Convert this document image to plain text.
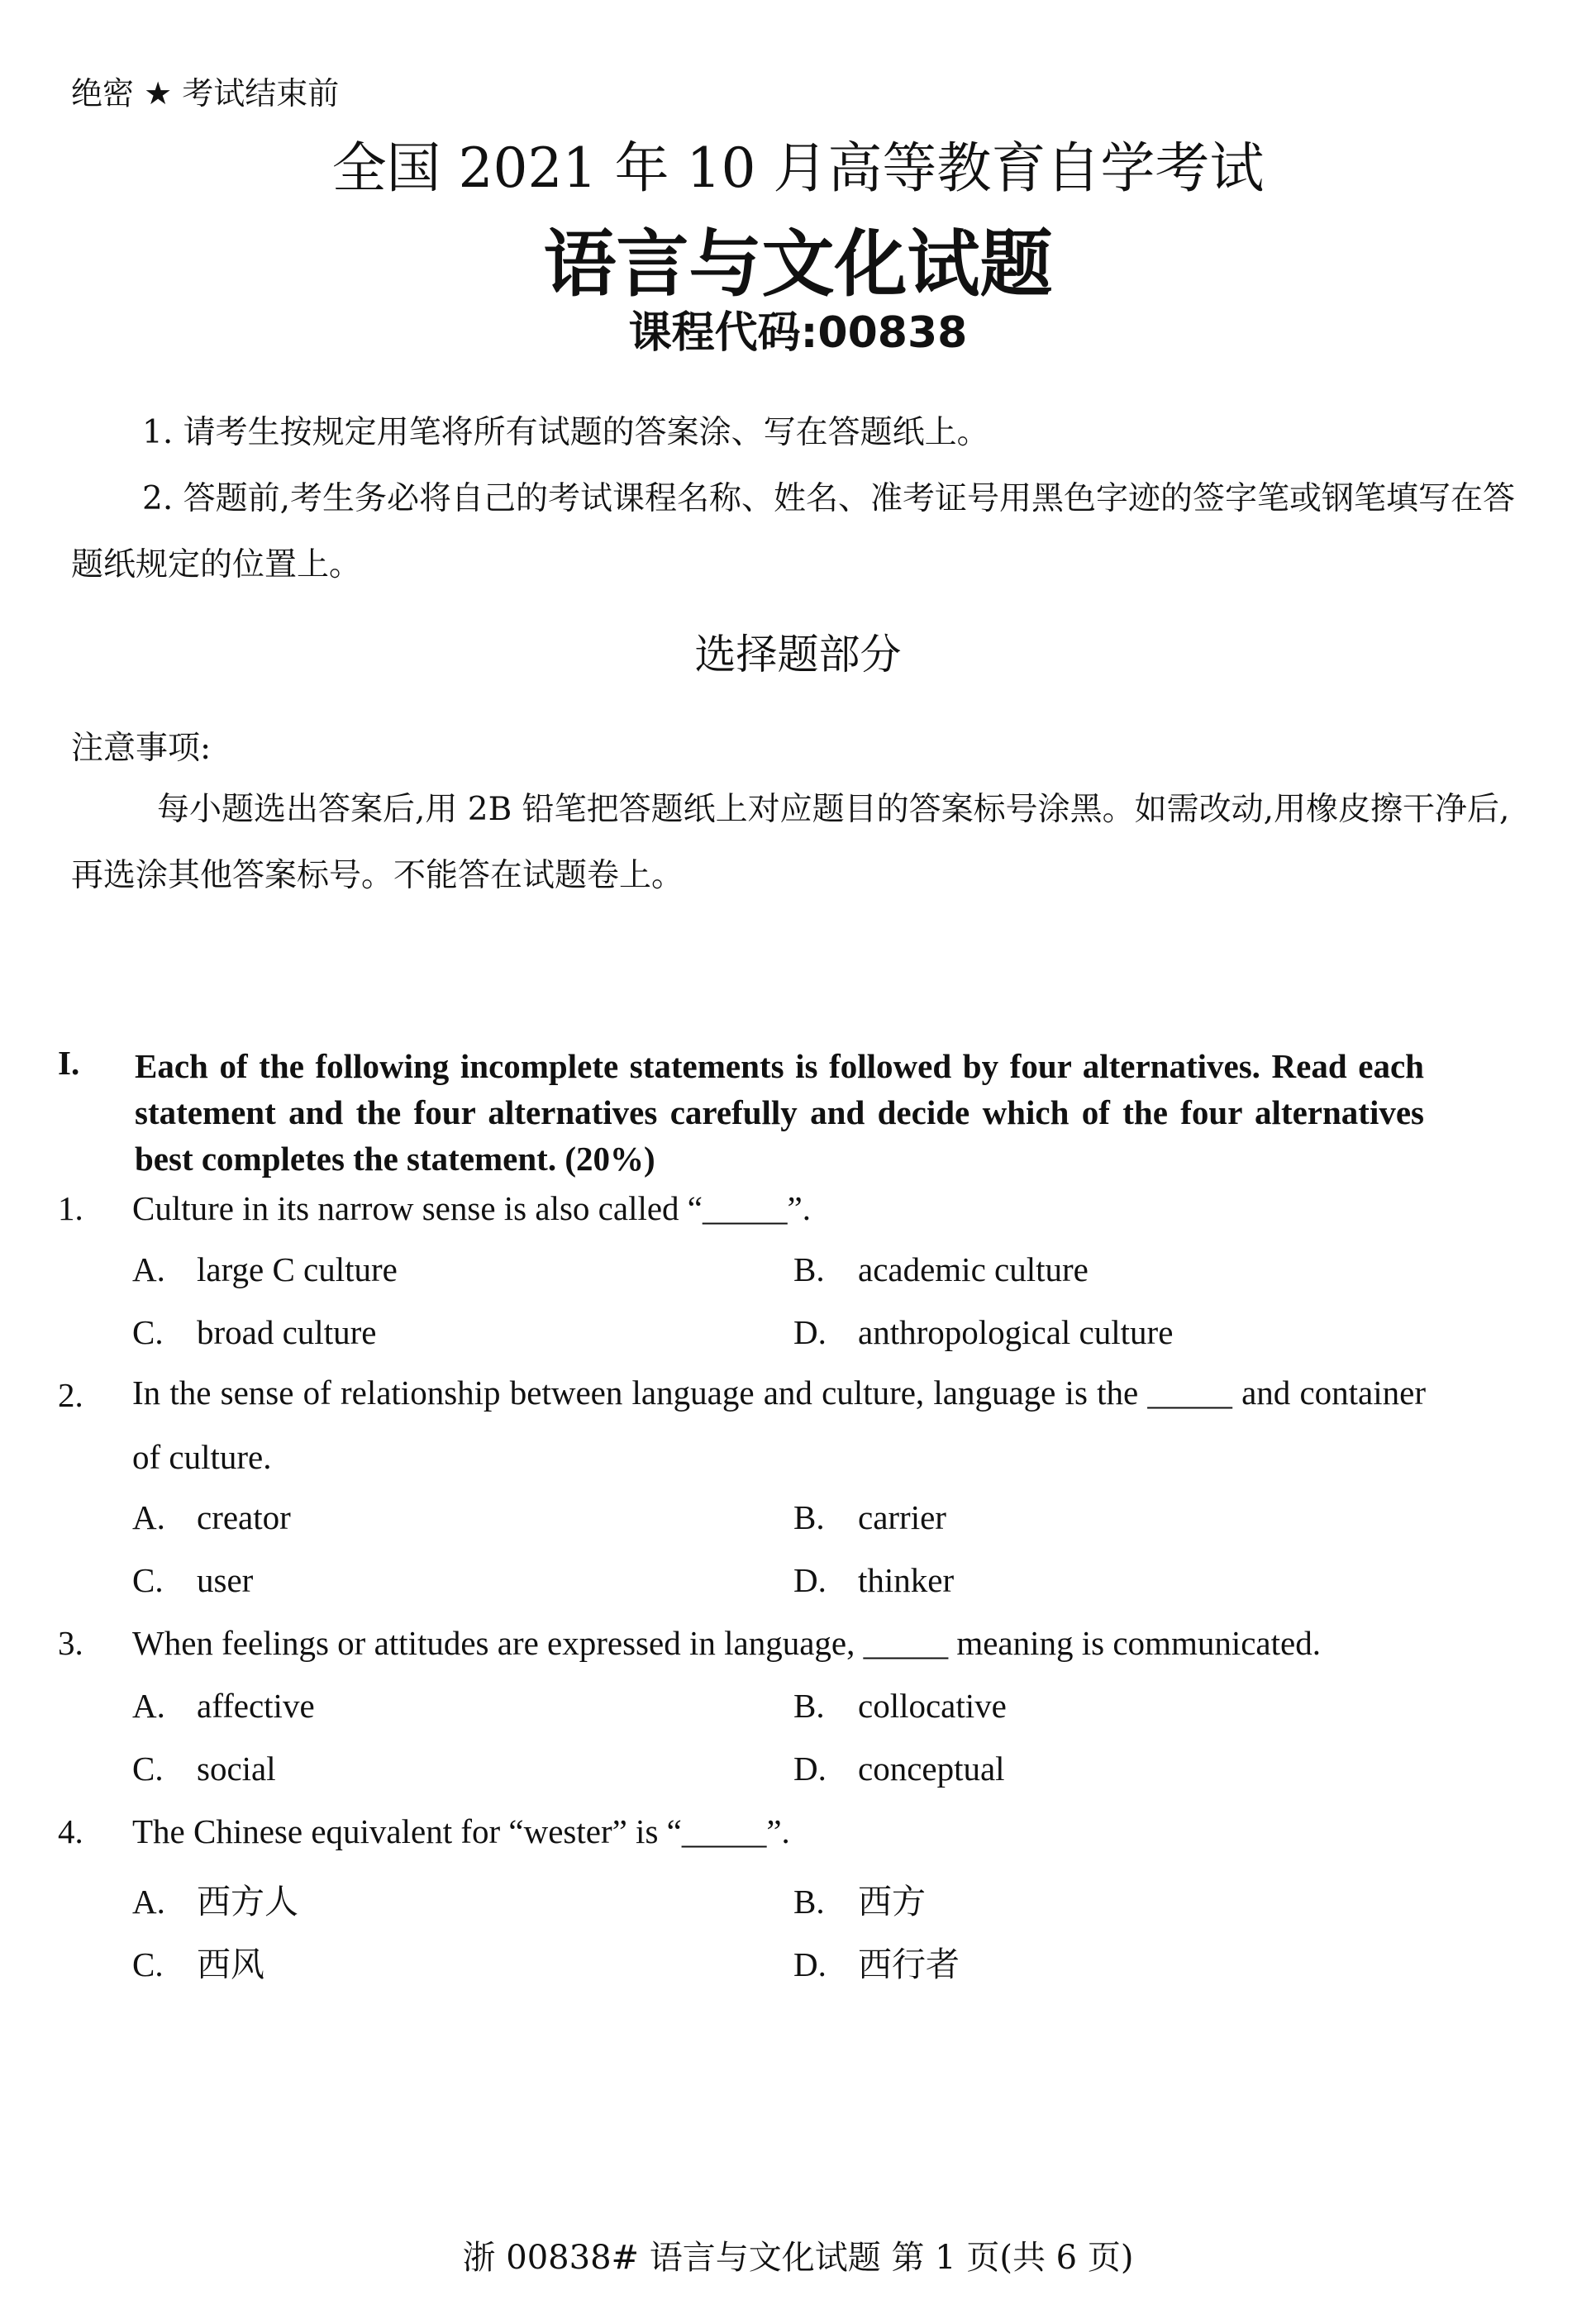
绝密 ★ 考试结束前
全国 2021 年 10 月高等教育自学考试
语言与文化试题
课程代码:00838

1. 请考生按规定用笔将所有试题的答案涂、写在答题纸上。

2. 答题前,考生务必将自己的考试课程名称、姓名、准考证号用黑色字迹的签字笔或钢笔填写在答题纸规定的位置上。

选择题部分
注意事项:

每小题选出答案后,用 2B 铅笔把答题纸上对应题目的答案标号涂黑。如需改动,用橡皮擦干净后,再选涂其他答案标号。不能答在试题卷上。

I. Each of the following incomplete statements is followed by four alternatives. Read each statement and the four alternatives carefully and decide which of the four alternatives best completes the statement. (20%)
1. Culture in its narrow sense is also called “_____”.
A. large C culture	B. academic culture
C. broad culture	D. anthropological culture
2. In the sense of relationship between language and culture, language is the _____ and container of culture.
A. creator	B. carrier
C. user	D. thinker
3. When feelings or attitudes are expressed in language, _____ meaning is communicated.
A. affective	B. collocative
C. social	D. conceptual
4. The Chinese equivalent for “wester” is “_____”.
A. 西方人	B. 西方
C. 西风	D. 西行者
浙 00838# 语言与文化试题 第 1 页(共 6 页)
